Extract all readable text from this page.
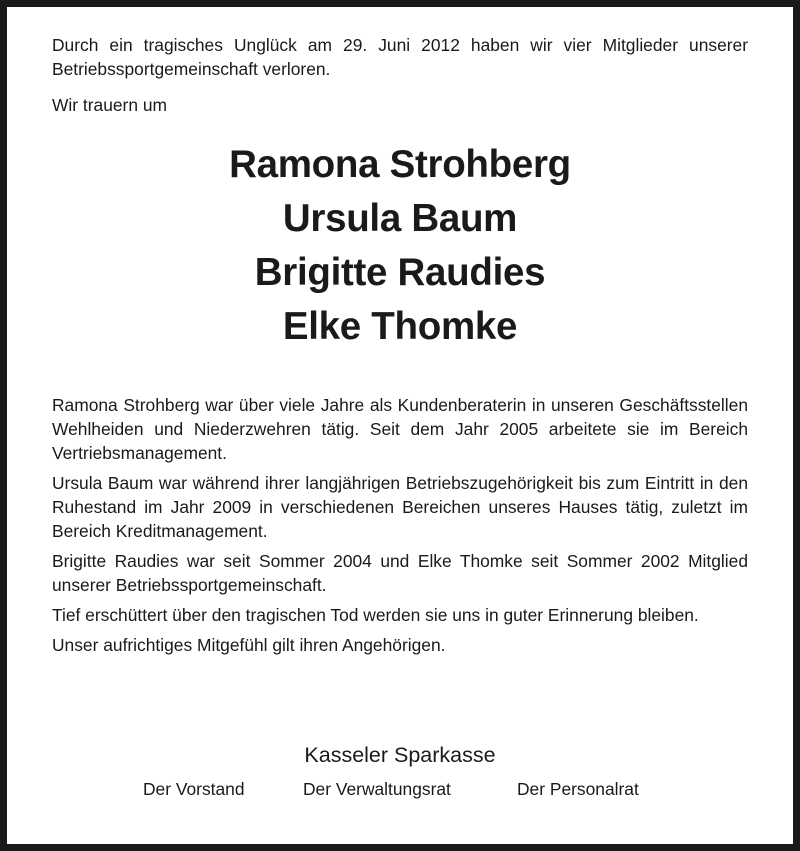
Durch ein tragisches Unglück am 29. Juni 2012 haben wir vier Mitglieder unserer Betriebssportgemeinschaft verloren.

Wir trauern um

Ramona Strohberg
Ursula Baum
Brigitte Raudies
Elke Thomke

Ramona Strohberg war über viele Jahre als Kundenberaterin in unseren Geschäftsstellen Wehlheiden und Niederzwehren tätig. Seit dem Jahr 2005 arbeitete sie im Bereich Vertriebsmanagement.

Ursula Baum war während ihrer langjährigen Betriebszugehörigkeit bis zum Eintritt in den Ruhestand im Jahr 2009 in verschiedenen Bereichen unseres Hauses tätig, zuletzt im Bereich Kreditmanagement.

Brigitte Raudies war seit Sommer 2004 und Elke Thomke seit Sommer 2002 Mitglied unserer Betriebssportgemeinschaft.

Tief erschüttert über den tragischen Tod werden sie uns in guter Erinnerung bleiben.

Unser aufrichtiges Mitgefühl gilt ihren Angehörigen.

Kasseler Sparkasse
Der Vorstand	Der Verwaltungsrat	Der Personalrat
